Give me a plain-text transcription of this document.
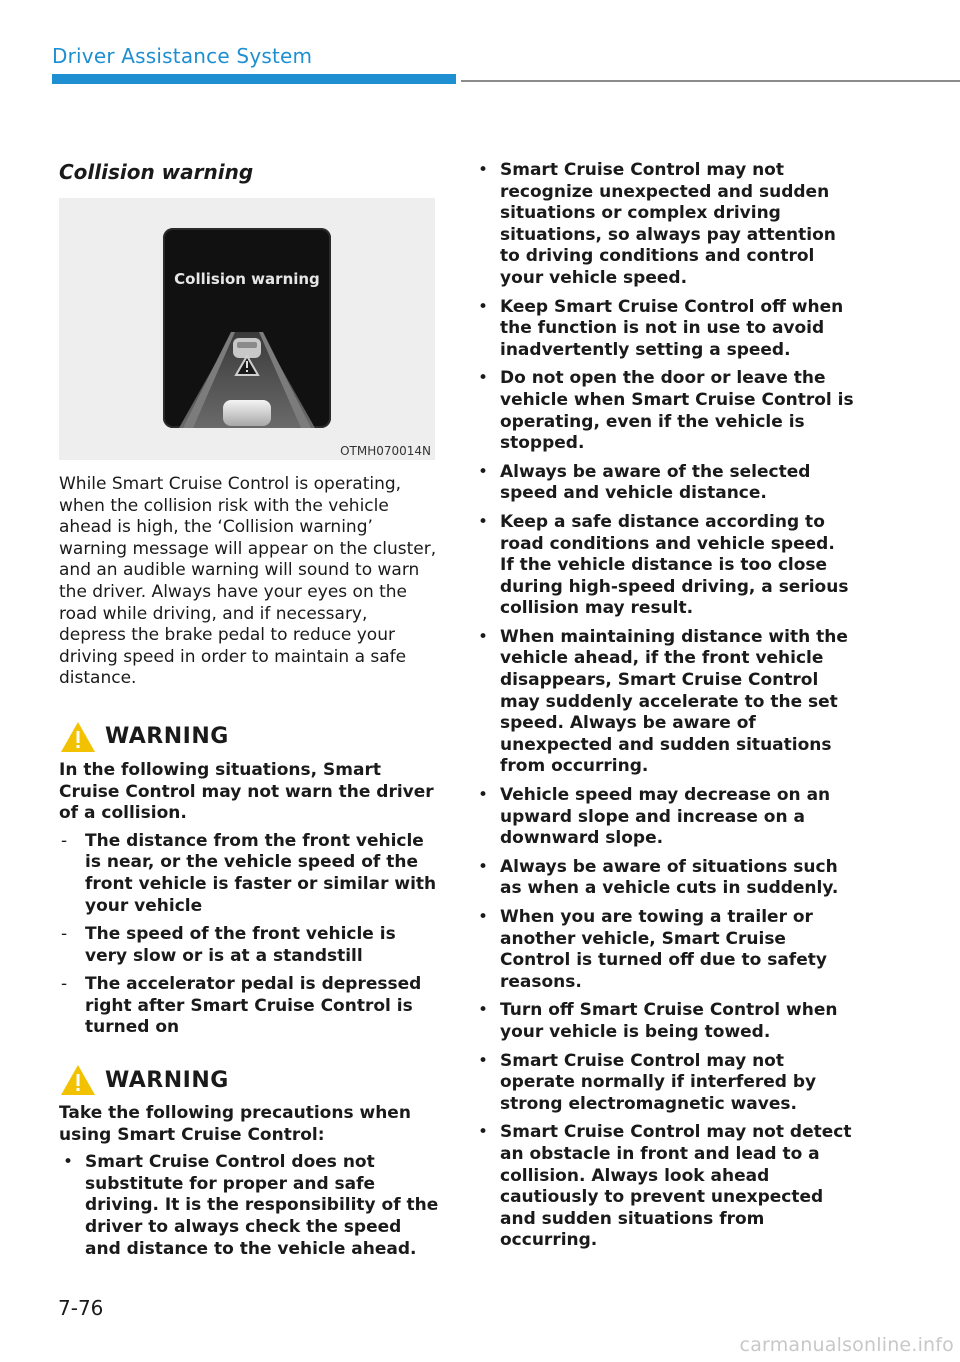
Driver Assistance System
Collision warning
Collision warning
OTMH070014N

While Smart Cruise Control is operating, when the collision risk with the vehicle ahead is high, the ‘Collision warning’ warning message will appear on the cluster, and an audible warning will sound to warn the driver. Always have your eyes on the road while driving, and if necessary, depress the brake pedal to reduce your driving speed in order to maintain a safe distance.

WARNING

In the following situations, Smart Cruise Control may not warn the driver of a collision.

- The distance from the front vehicle is near, or the vehicle speed of the front vehicle is faster or similar with your vehicle
- The speed of the front vehicle is very slow or is at a standstill
- The accelerator pedal is depressed right after Smart Cruise Control is turned on
WARNING

Take the following precautions when using Smart Cruise Control:

• Smart Cruise Control does not substitute for proper and safe driving. It is the responsibility of the driver to always check the speed and distance to the vehicle ahead.
• Smart Cruise Control may not recognize unexpected and sudden situations or complex driving situations, so always pay attention to driving conditions and control your vehicle speed.
• Keep Smart Cruise Control off when the function is not in use to avoid inadvertently setting a speed.
• Do not open the door or leave the vehicle when Smart Cruise Control is operating, even if the vehicle is stopped.
• Always be aware of the selected speed and vehicle distance.
• Keep a safe distance according to road conditions and vehicle speed. If the vehicle distance is too close during high-speed driving, a serious collision may result.
• When maintaining distance with the vehicle ahead, if the front vehicle disappears, Smart Cruise Control may suddenly accelerate to the set speed. Always be aware of unexpected and sudden situations from occurring.
• Vehicle speed may decrease on an upward slope and increase on a downward slope.
• Always be aware of situations such as when a vehicle cuts in suddenly.
• When you are towing a trailer or another vehicle, Smart Cruise Control is turned off due to safety reasons.
• Turn off Smart Cruise Control when your vehicle is being towed.
• Smart Cruise Control may not operate normally if interfered by strong electromagnetic waves.
• Smart Cruise Control may not detect an obstacle in front and lead to a collision. Always look ahead cautiously to prevent unexpected and sudden situations from occurring.
7-76
carmanualsonline.info
